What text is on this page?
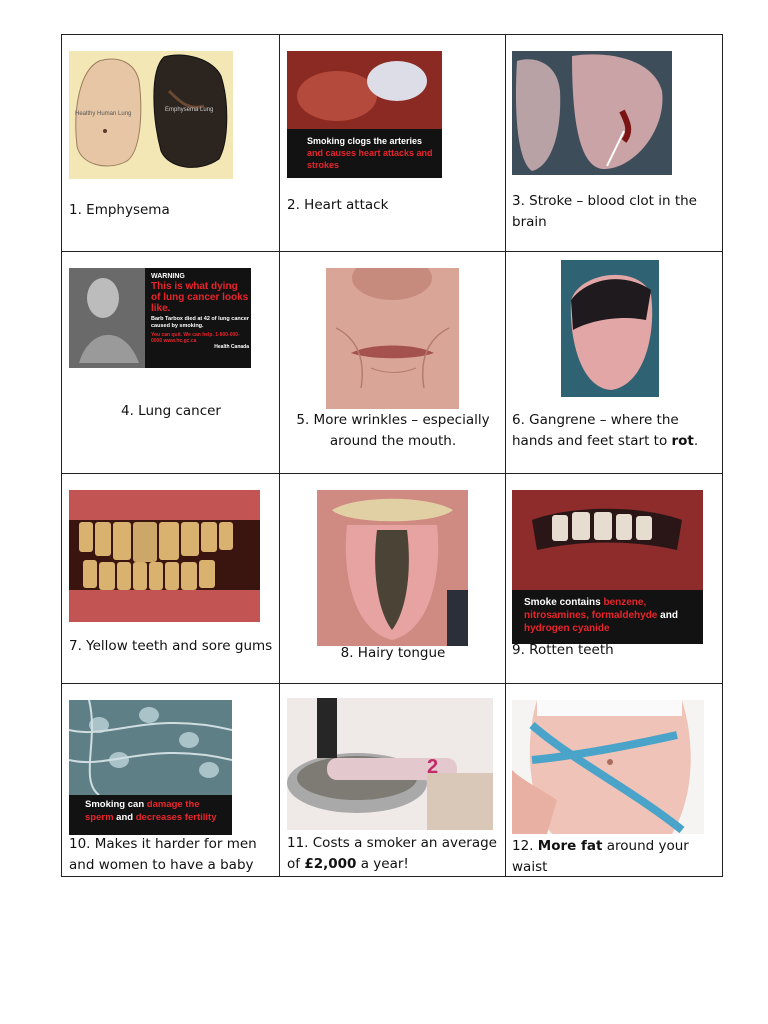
Healthy Human Lung
Emphysema Lung
1. Emphysema
Smoking clogs the arteries
and causes heart attacks and strokes
2. Heart attack	3. Stroke – blood clot in the brain
WARNING
This is what dying of lung cancer looks like.
Barb Tarbox died at 42 of lung cancer caused by smoking.
You can quit. We can help. 1-800-000-0000 www.hc.gc.ca
Health Canada
4. Lung cancer
5. More wrinkles – especially around the mouth.
6. Gangrene – where the hands and feet start to rot.
7. Yellow teeth and sore gums	8. Hairy tongue
Smoke contains benzene, nitrosamines, formaldehyde and hydrogen cyanide
9. Rotten teeth
Smoking can damage the sperm and decreases fertility
10. Makes it harder for men and women to have a baby
2
11. Costs a smoker an average of £2,000 a year!
12. More fat around your waist
